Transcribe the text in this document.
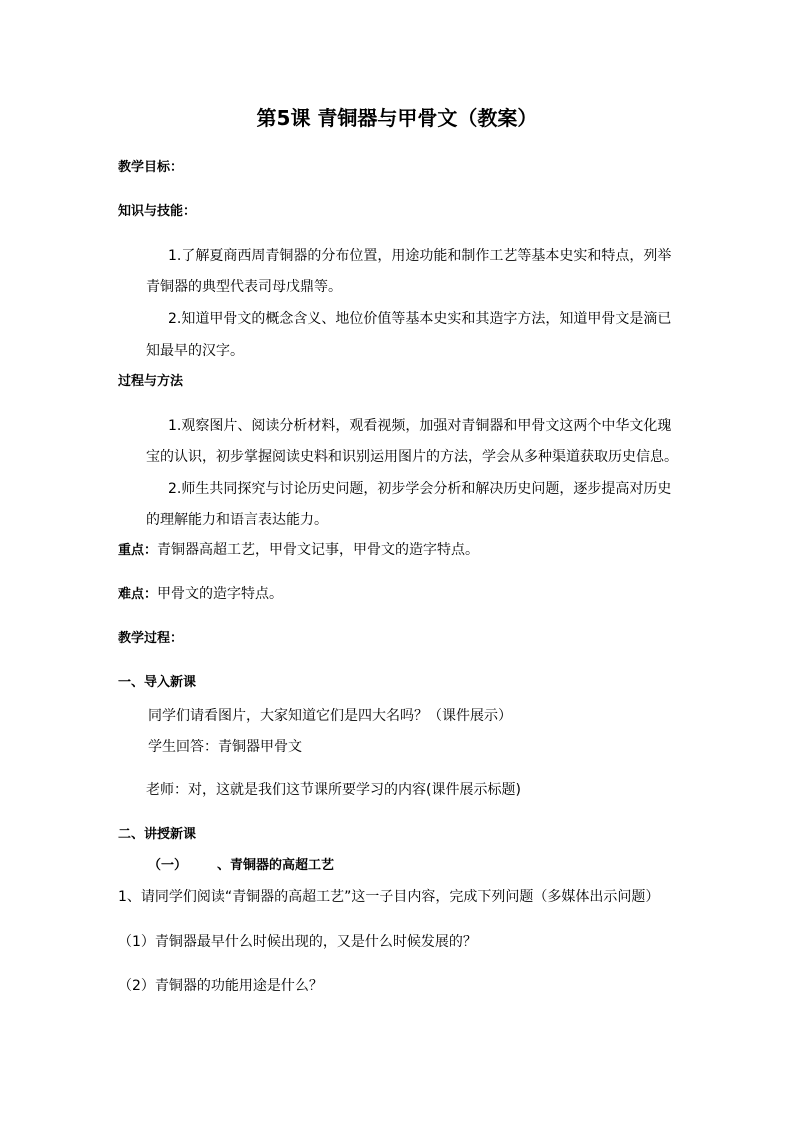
第5课 青铜器与甲骨文（教案）
教学目标：
知识与技能：
1.了解夏商西周青铜器的分布位置，用途功能和制作工艺等基本史实和特点，列举
青铜器的典型代表司母戊鼎等。
2.知道甲骨文的概念含义、地位价值等基本史实和其造字方法，知道甲骨文是滴已
知最早的汉字。
过程与方法
1.观察图片、阅读分析材料，观看视频，加强对青铜器和甲骨文这两个中华文化瑰
宝的认识，初步掌握阅读史料和识别运用图片的方法，学会从多种渠道获取历史信息。
2.师生共同探究与讨论历史问题，初步学会分析和解决历史问题，逐步提高对历史
的理解能力和语言表达能力。
重点：青铜器高超工艺，甲骨文记事，甲骨文的造字特点。
难点：甲骨文的造字特点。
教学过程：
一、导入新课
同学们请看图片，大家知道它们是四大名吗？（课件展示）
学生回答：青铜器甲骨文
老师：对，这就是我们这节课所要学习的内容(课件展示标题)
二、讲授新课
（一） 、青铜器的高超工艺
1、请同学们阅读“青铜器的高超工艺”这一子目内容，完成下列问题（多媒体出示问题）
（1）青铜器最早什么时候出现的，又是什么时候发展的？
（2）青铜器的功能用途是什么？
